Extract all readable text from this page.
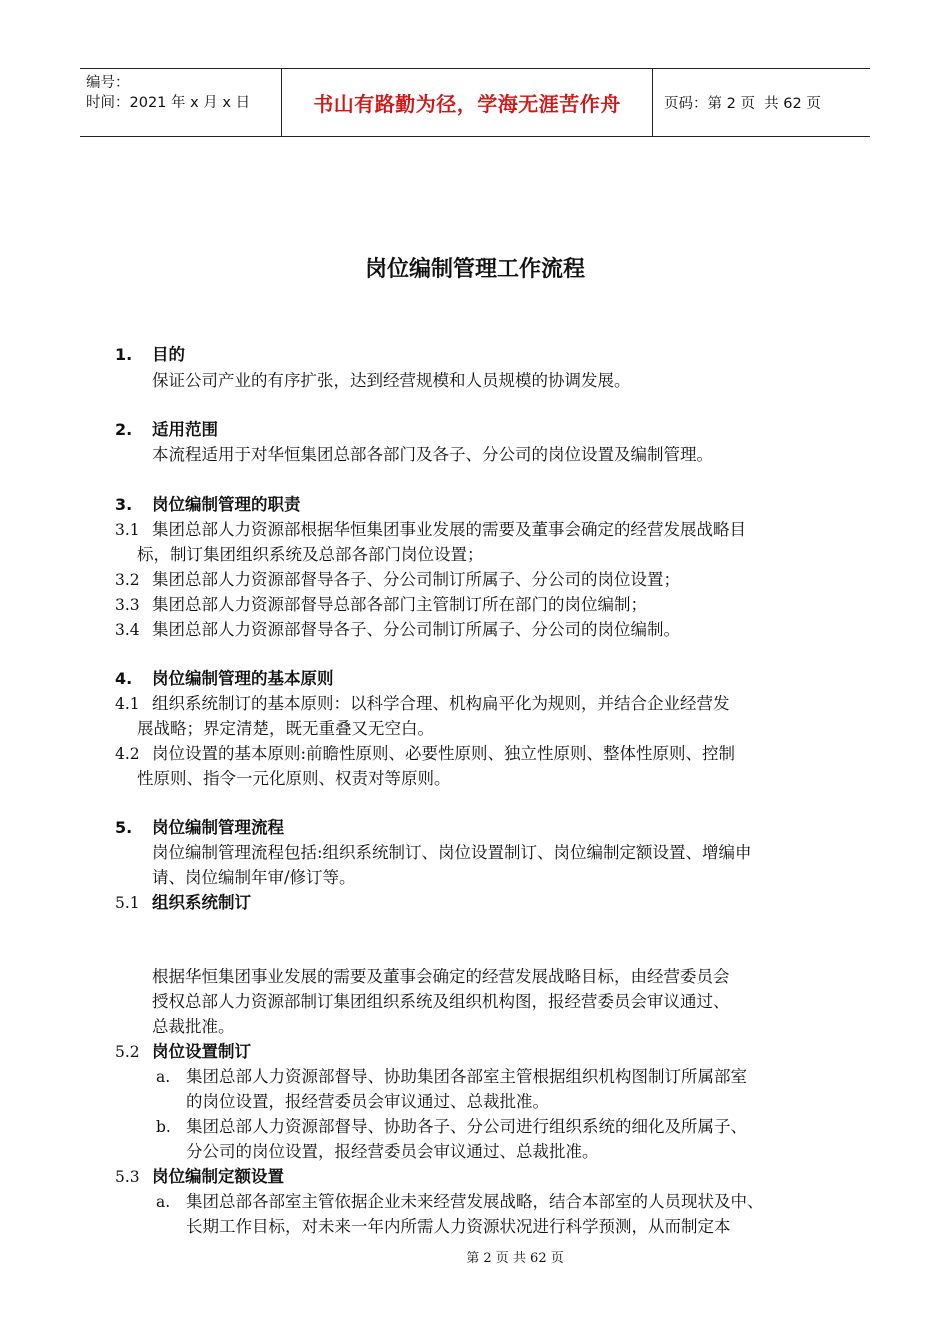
编号：
时间：2021 年 x 月 x 日	书山有路勤为径，学海无涯苦作舟	页码：第 2 页  共 62 页
岗位编制管理工作流程
1. 目的
保证公司产业的有序扩张，达到经营规模和人员规模的协调发展。
2. 适用范围
本流程适用于对华恒集团总部各部门及各子、分公司的岗位设置及编制管理。
3. 岗位编制管理的职责
3.1 集团总部人力资源部根据华恒集团事业发展的需要及董事会确定的经营发展战略目
标，制订集团组织系统及总部各部门岗位设置；
3.2 集团总部人力资源部督导各子、分公司制订所属子、分公司的岗位设置；
3.3 集团总部人力资源部督导总部各部门主管制订所在部门的岗位编制；
3.4 集团总部人力资源部督导各子、分公司制订所属子、分公司的岗位编制。
4. 岗位编制管理的基本原则
4.1 组织系统制订的基本原则：以科学合理、机构扁平化为规则，并结合企业经营发
展战略；界定清楚，既无重叠又无空白。
4.2 岗位设置的基本原则:前瞻性原则、必要性原则、独立性原则、整体性原则、控制
性原则、指令一元化原则、权责对等原则。
5. 岗位编制管理流程
岗位编制管理流程包括:组织系统制订、岗位设置制订、岗位编制定额设置、增编申
请、岗位编制年审/修订等。
5.1 组织系统制订
根据华恒集团事业发展的需要及董事会确定的经营发展战略目标，由经营委员会
授权总部人力资源部制订集团组织系统及组织机构图，报经营委员会审议通过、
总裁批准。
5.2 岗位设置制订
a. 集团总部人力资源部督导、协助集团各部室主管根据组织机构图制订所属部室
的岗位设置，报经营委员会审议通过、总裁批准。
b. 集团总部人力资源部督导、协助各子、分公司进行组织系统的细化及所属子、
分公司的岗位设置，报经营委员会审议通过、总裁批准。
5.3 岗位编制定额设置
a. 集团总部各部室主管依据企业未来经营发展战略，结合本部室的人员现状及中、
长期工作目标，对未来一年内所需人力资源状况进行科学预测，从而制定本
第 2 页 共 62 页
